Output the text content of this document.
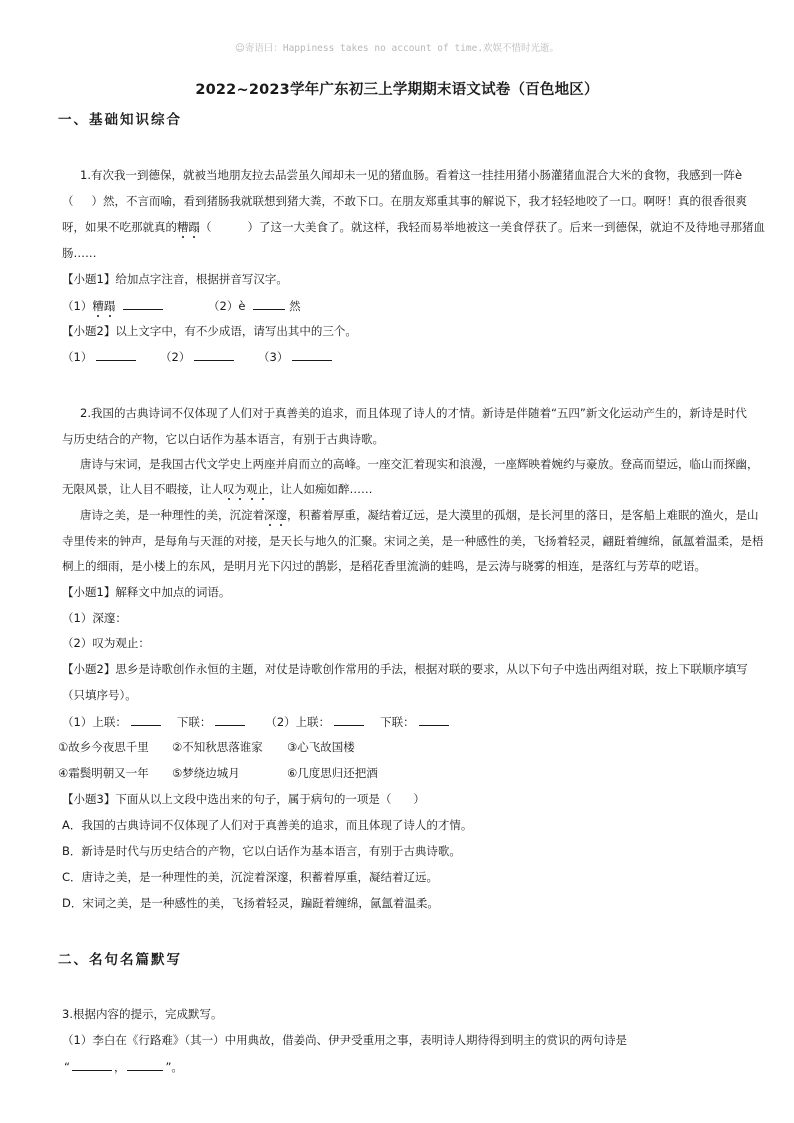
☺寄语曰：Happiness takes no account of time.欢娱不惜时光逝。
2022~2023学年广东初三上学期期末语文试卷（百色地区）
一、基础知识综合
1.有次我一到德保，就被当地朋友拉去品尝虽久闻却未一见的猪血肠。看着这一挂挂用猪小肠灌猪血混合大米的食物，我感到一阵è
（ ）然，不言而喻，看到猪肠我就联想到猪大粪，不敢下口。在朋友郑重其事的解说下，我才轻轻地咬了一口。啊呀！真的很香很爽
呀，如果不吃那就真的糟蹋（	）了这一大美食了。就这样，我轻而易举地被这一美食俘获了。后来一到德保，就迫不及待地寻那猪血
肠……
【小题1】给加点字注音，根据拼音写汉字。
（1）糟蹋	（2）è	然
【小题2】以上文字中，有不少成语，请写出其中的三个。
（1）	（2）	（3）
2.我国的古典诗词不仅体现了人们对于真善美的追求，而且体现了诗人的才情。新诗是伴随着“五四”新文化运动产生的，新诗是时代
与历史结合的产物，它以白话作为基本语言，有别于古典诗歌。
唐诗与宋词，是我国古代文学史上两座并肩而立的高峰。一座交汇着现实和浪漫，一座辉映着婉约与豪放。登高而望远，临山而探幽，
无限风景，让人目不暇接，让人叹为观止，让人如痴如醉……
唐诗之美，是一种理性的美，沉淀着深邃，积蓄着厚重，凝结着辽远，是大漠里的孤烟，是长河里的落日，是客船上难眠的渔火，是山
寺里传来的钟声，是每角与天涯的对接，是天长与地久的汇聚。宋词之美，是一种感性的美，飞扬着轻灵，翩跹着缠绵，氤氲着温柔，是梧
桐上的细雨，是小楼上的东风，是明月光下闪过的鹊影，是稻花香里流淌的蛙鸣，是云涛与晓雾的相连，是落红与芳草的呓语。
【小题1】解释文中加点的词语。
（1）深邃：
（2）叹为观止：
【小题2】思乡是诗歌创作永恒的主题，对仗是诗歌创作常用的手法，根据对联的要求，从以下句子中选出两组对联，按上下联顺序填写
（只填序号）。
（1）上联：	下联：	（2）上联：	下联：
①故乡今夜思千里 ②不知秋思落谁家 ③心飞故国楼
④霜鬓明朝又一年 ⑤梦绕边城月	⑥几度思归还把酒
【小题3】下面从以上文段中选出来的句子，属于病句的一项是（ ）
A．我国的古典诗词不仅体现了人们对于真善美的追求，而且体现了诗人的才情。
B．新诗是时代与历史结合的产物，它以白话作为基本语言，有别于古典诗歌。
C．唐诗之美，是一种理性的美，沉淀着深邃，积蓄着厚重，凝结着辽远。
D．宋词之美，是一种感性的美，飞扬着轻灵，蹁跹着缠绵，氤氲着温柔。
二、名句名篇默写
3.根据内容的提示，完成默写。
（1）李白在《行路难》（其一）中用典故，借姜尚、伊尹受重用之事，表明诗人期待得到明主的赏识的两句诗是
“	，	”。
